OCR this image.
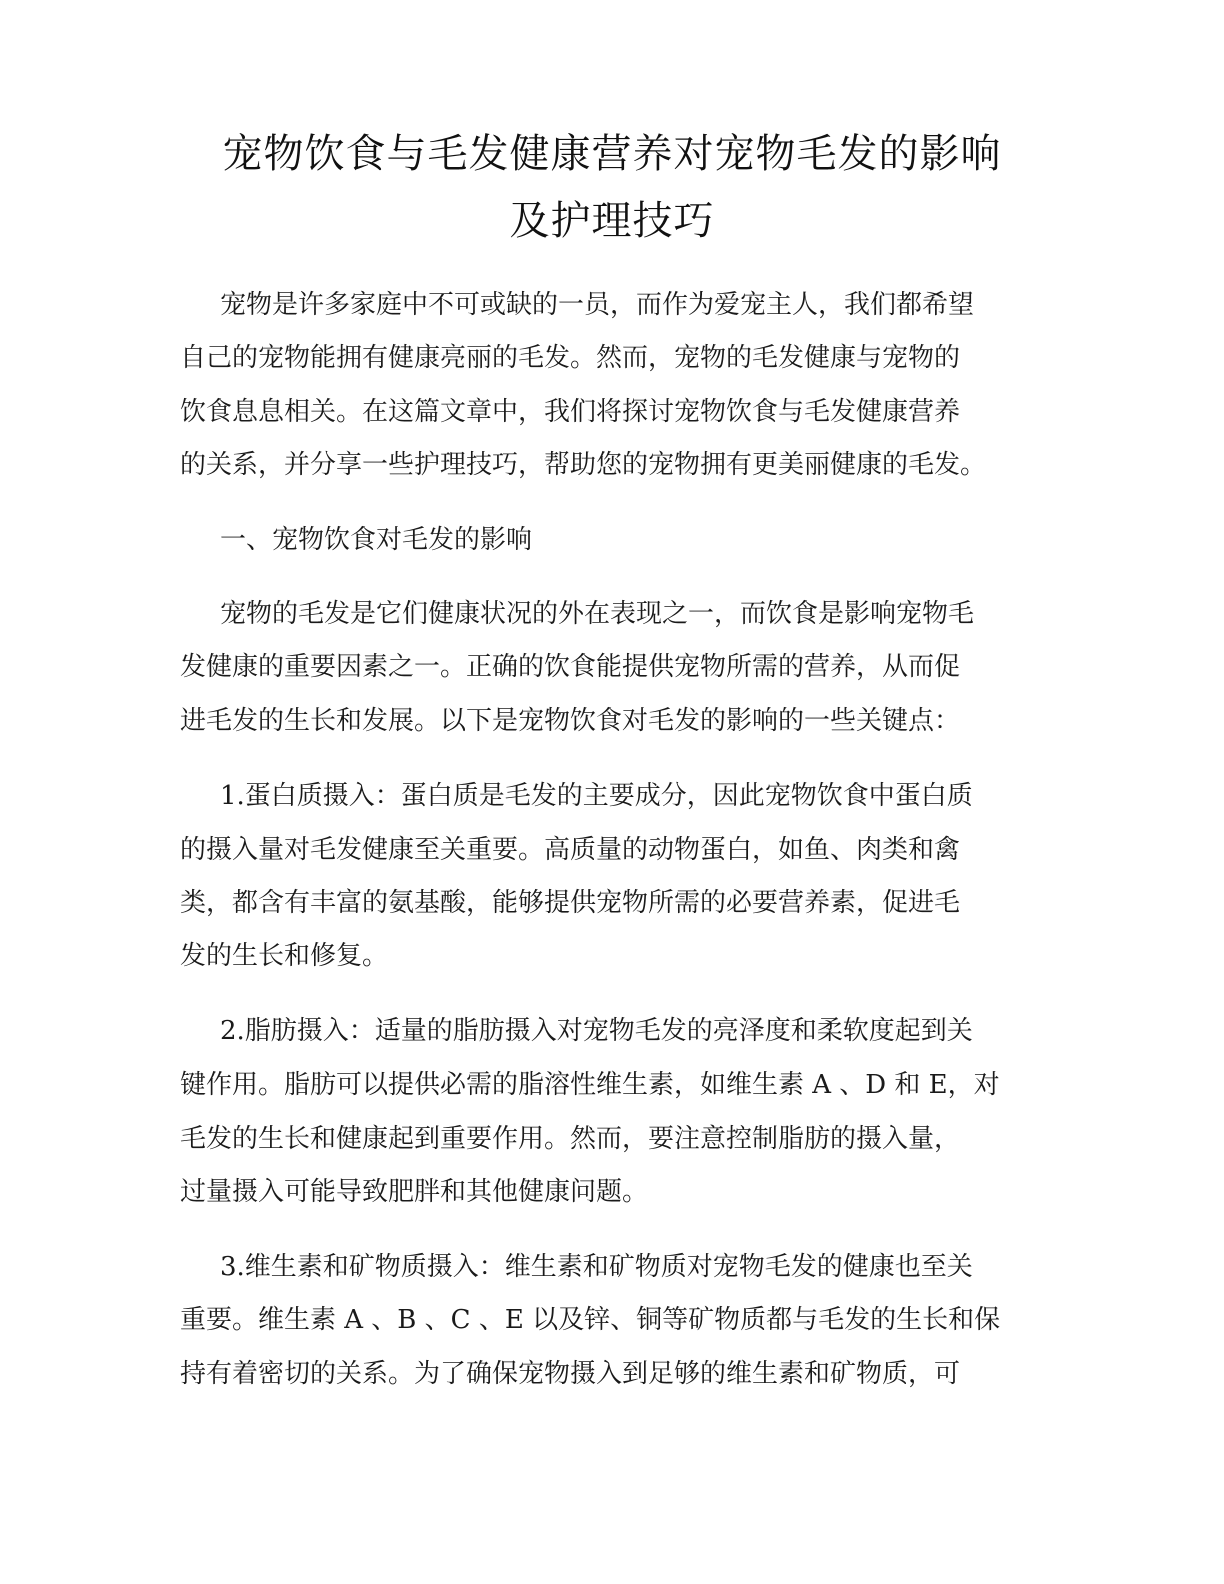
宠物饮食与毛发健康营养对宠物毛发的影响
及护理技巧
宠物是许多家庭中不可或缺的一员，而作为爱宠主人，我们都希望
自己的宠物能拥有健康亮丽的毛发。然而，宠物的毛发健康与宠物的
饮食息息相关。在这篇文章中，我们将探讨宠物饮食与毛发健康营养
的关系，并分享一些护理技巧，帮助您的宠物拥有更美丽健康的毛发。
一、宠物饮食对毛发的影响
宠物的毛发是它们健康状况的外在表现之一，而饮食是影响宠物毛
发健康的重要因素之一。正确的饮食能提供宠物所需的营养，从而促
进毛发的生长和发展。以下是宠物饮食对毛发的影响的一些关键点：
1.蛋白质摄入：蛋白质是毛发的主要成分，因此宠物饮食中蛋白质
的摄入量对毛发健康至关重要。高质量的动物蛋白，如鱼、肉类和禽
类，都含有丰富的氨基酸，能够提供宠物所需的必要营养素，促进毛
发的生长和修复。
2.脂肪摄入：适量的脂肪摄入对宠物毛发的亮泽度和柔软度起到关
键作用。脂肪可以提供必需的脂溶性维生素，如维生素 A 、D 和 E，对
毛发的生长和健康起到重要作用。然而，要注意控制脂肪的摄入量，
过量摄入可能导致肥胖和其他健康问题。
3.维生素和矿物质摄入：维生素和矿物质对宠物毛发的健康也至关
重要。维生素 A 、B 、C 、E 以及锌、铜等矿物质都与毛发的生长和保
持有着密切的关系。为了确保宠物摄入到足够的维生素和矿物质，可
